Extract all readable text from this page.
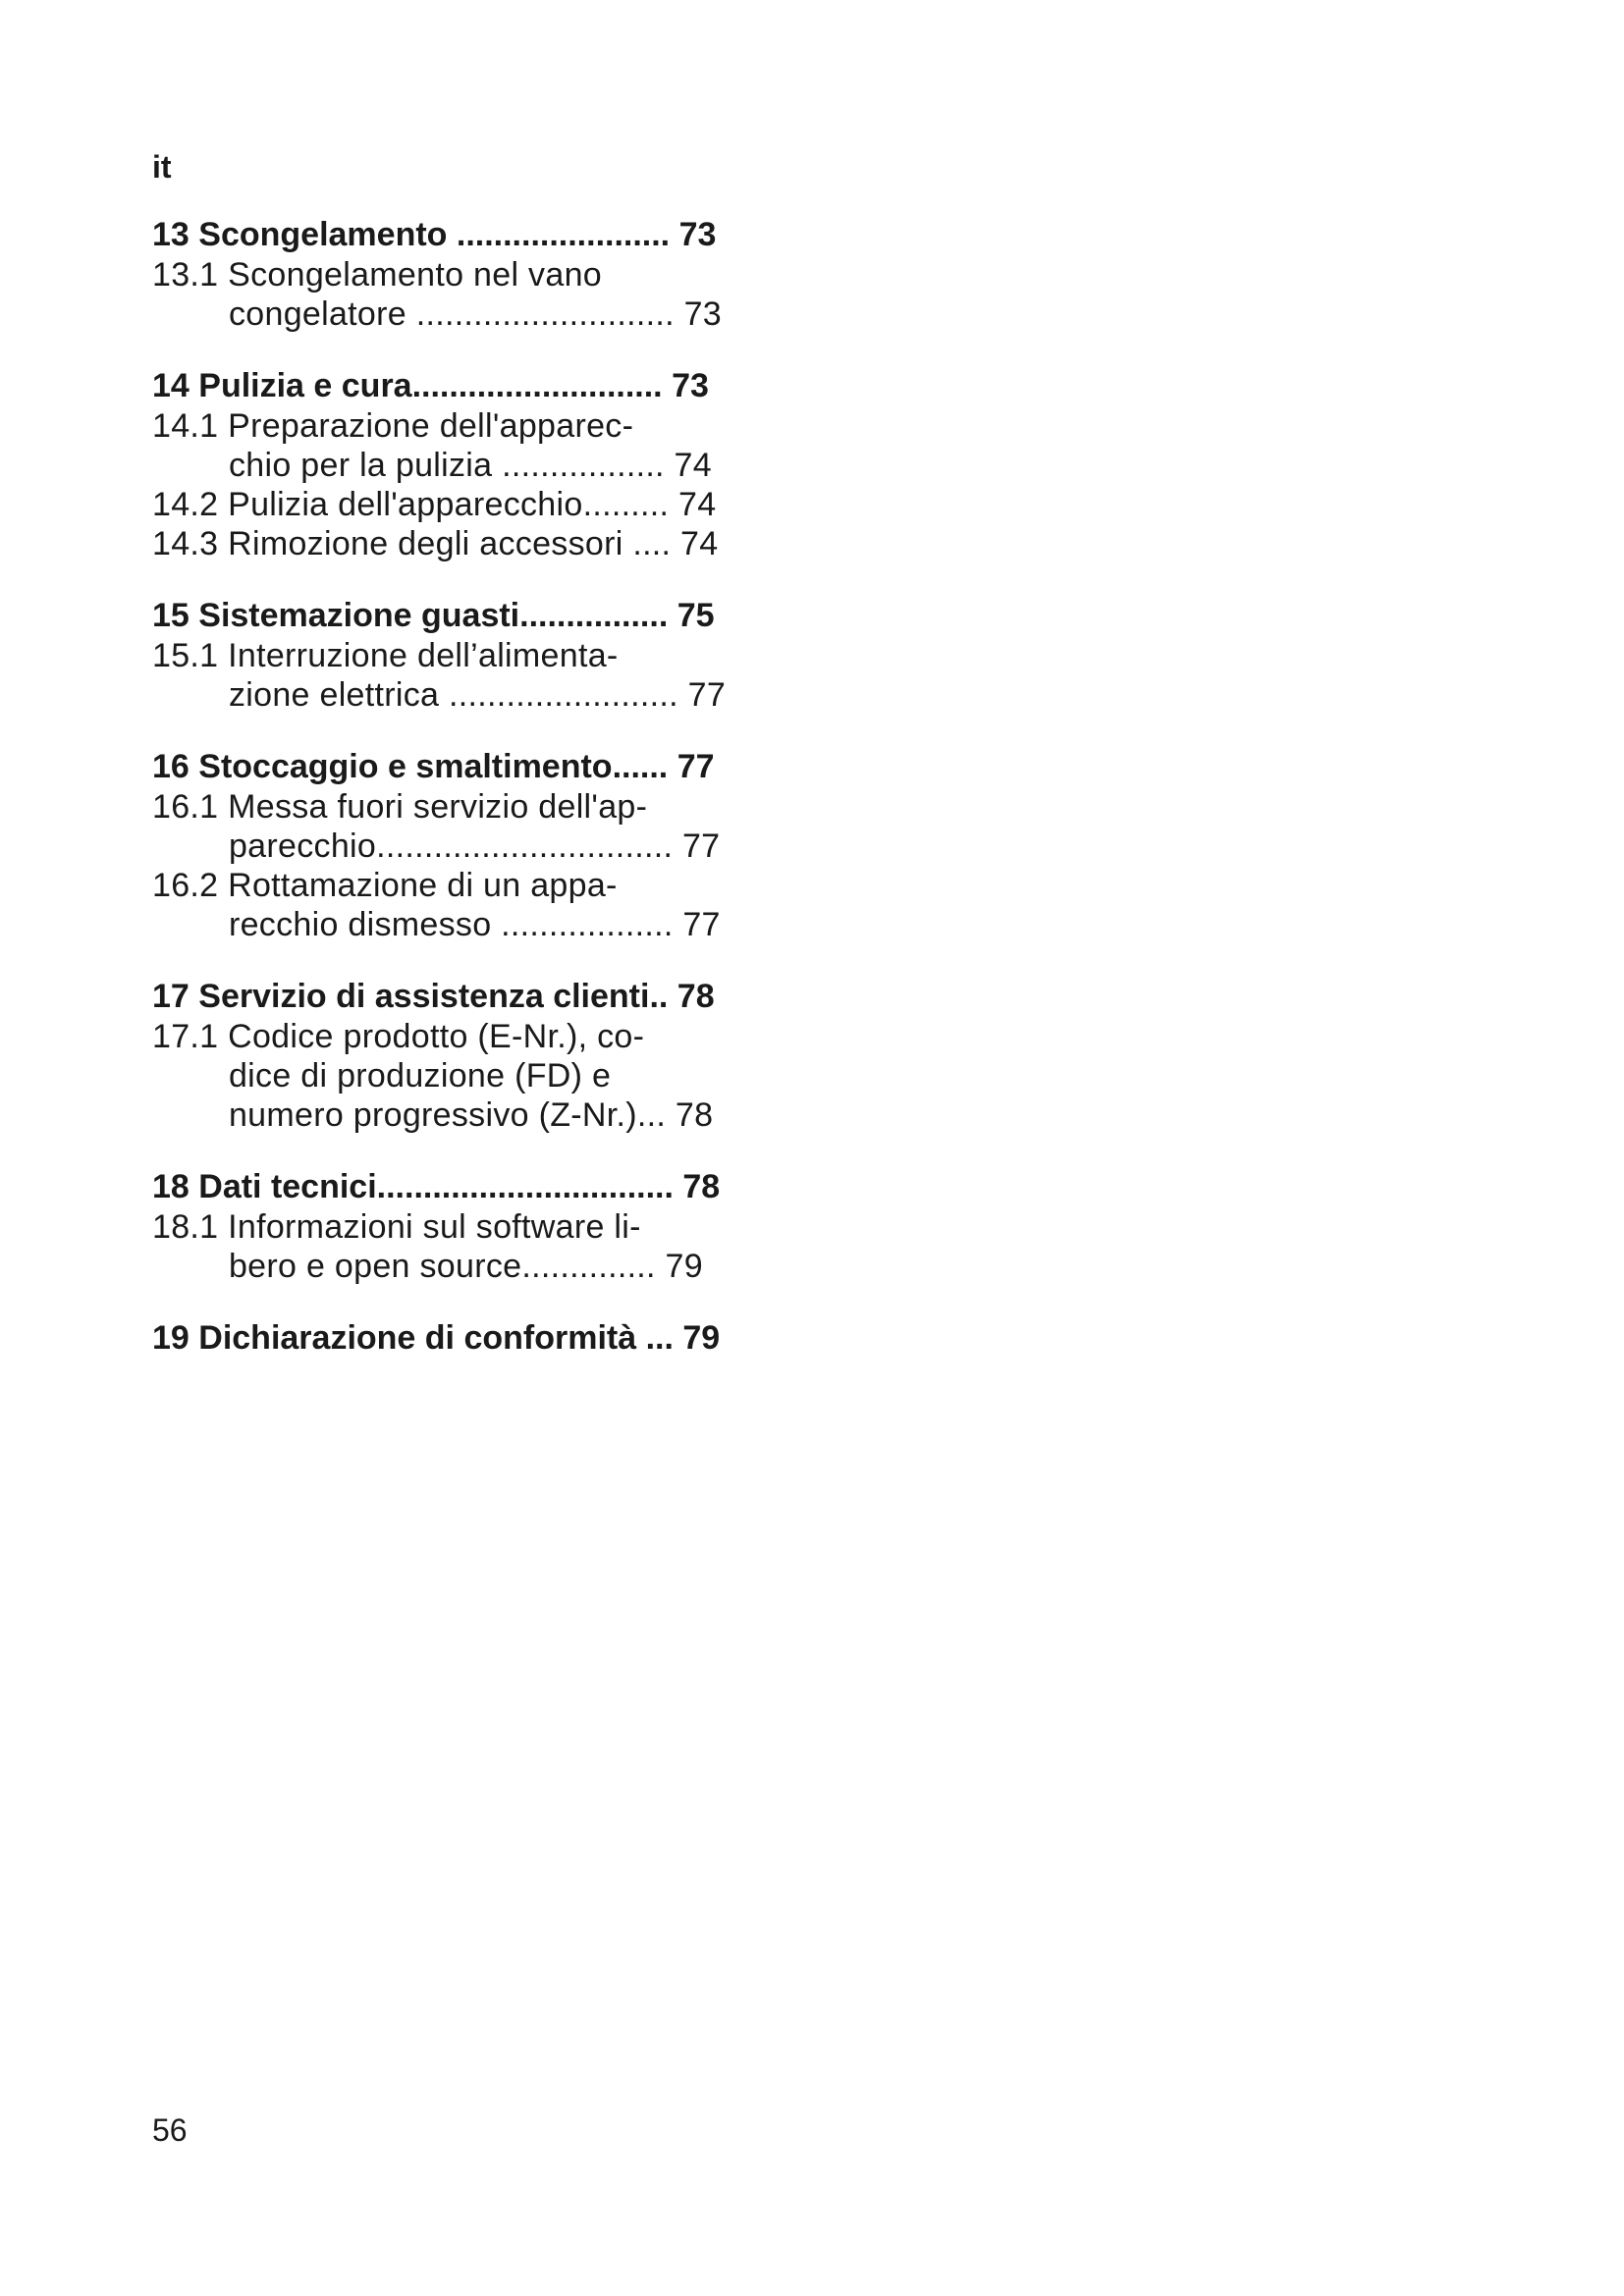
it
13 Scongelamento ....................... 73
13.1 Scongelamento nel vano
congelatore ........................... 73
14 Pulizia e cura........................... 73
14.1 Preparazione dell'apparec-
chio per la pulizia ................. 74
14.2 Pulizia dell'apparecchio......... 74
14.3 Rimozione degli accessori .... 74
15 Sistemazione guasti................ 75
15.1 Interruzione dell’alimenta-
zione elettrica ........................ 77
16 Stoccaggio e smaltimento...... 77
16.1 Messa fuori servizio dell'ap-
parecchio............................... 77
16.2 Rottamazione di un appa-
recchio dismesso .................. 77
17 Servizio di assistenza clienti.. 78
17.1 Codice prodotto (E-Nr.), co-
dice di produzione (FD) e
numero progressivo (Z-Nr.)... 78
18 Dati tecnici................................ 78
18.1 Informazioni sul software li-
bero e open source.............. 79
19 Dichiarazione di conformità ... 79
56
